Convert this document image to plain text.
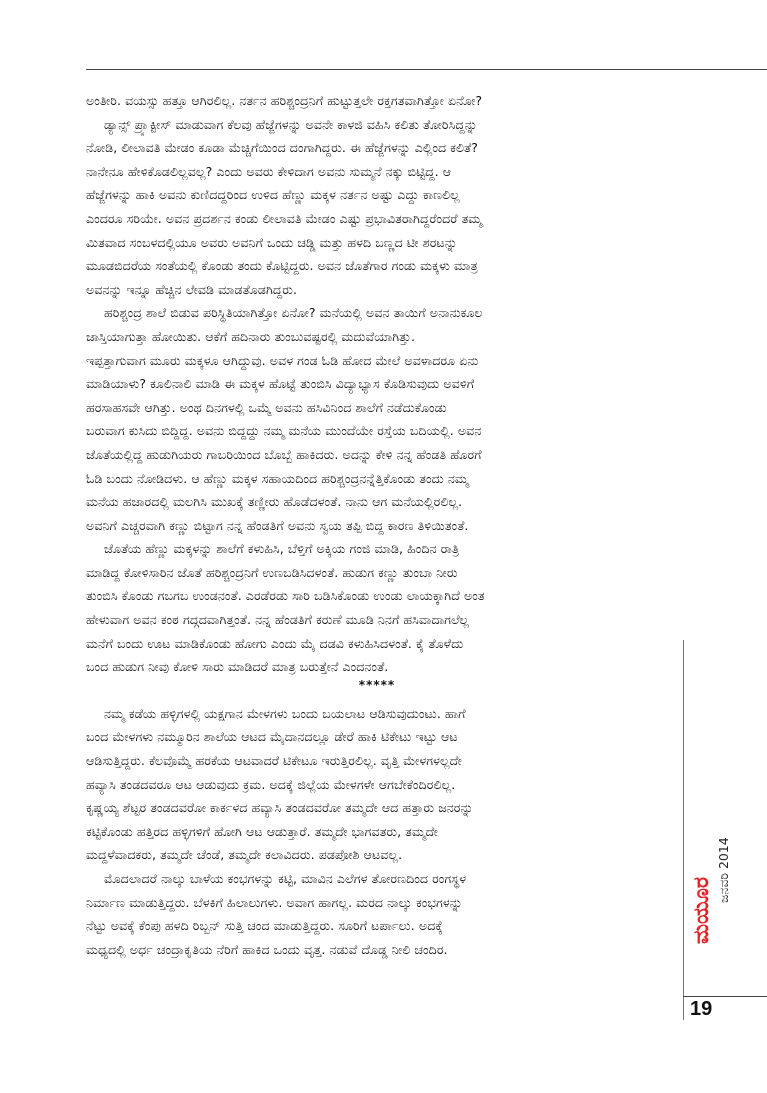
ಅಂತೀರಿ. ವಯಸ್ಸು ಹತ್ತೂ ಆಗಿರಲಿಲ್ಲ. ನರ್ತನ ಹರಿಶ್ಚಂದ್ರನಿಗೆ ಹುಟ್ಟುತ್ತಲೇ ರಕ್ತಗತವಾಗಿತ್ತೋ ಏನೋ?
ಡ್ಯಾನ್ಸ್ ಪ್ರ್ಯಾಕ್ಟೀಸ್ ಮಾಡುವಾಗ ಕೆಲವು ಹೆಜ್ಜೆಗಳನ್ನು ಅವನೇ ಕಾಳಜಿ ವಹಿಸಿ ಕಲಿತು ತೋರಿಸಿದ್ದನ್ನು
ನೋಡಿ, ಲೀಲಾವತಿ ಮೇಡಂ ಕೂಡಾ ಮೆಚ್ಚಿಗೆಯಿಂದ ದಂಗಾಗಿದ್ದರು. ಈ ಹೆಜ್ಜೆಗಳನ್ನು ಎಲ್ಲಿಂದ ಕಲಿತೆ?
ನಾನೇನೂ ಹೇಳಿಕೊಡಲಿಲ್ಲವಲ್ಲ? ಎಂದು ಅವರು ಕೇಳಿದಾಗ ಅವನು ಸುಮ್ಮನೆ ನಕ್ಕು ಬಿಟ್ಟಿದ್ದ. ಆ
ಹೆಜ್ಜೆಗಳನ್ನು ಹಾಕಿ ಅವನು ಕುಣಿದದ್ದರಿಂದ ಉಳಿದ ಹೆಣ್ಣು ಮಕ್ಕಳ ನರ್ತನ ಅಷ್ಟು ಎದ್ದು ಕಾಣಲಿಲ್ಲ
ಎಂದರೂ ಸರಿಯೇ. ಅವನ ಪ್ರದರ್ಶನ ಕಂಡು ಲೀಲಾವತಿ ಮೇಡಂ ಎಷ್ಟು ಪ್ರಭಾವಿತರಾಗಿದ್ದರೆಂದರೆ ತಮ್ಮ
ಮಿತವಾದ ಸಂಬಳದಲ್ಲಿಯೂ ಅವರು ಅವನಿಗೆ ಒಂದು ಚಡ್ಡಿ ಮತ್ತು ಹಳದಿ ಬಣ್ಣದ ಟೀ ಶರಟನ್ನು
ಮೂಡಬಿದರೆಯ ಸಂತೆಯಲ್ಲಿ ಕೊಂಡು ತಂದು ಕೊಟ್ಟಿದ್ದರು. ಅವನ ಜೊತೆಗಾರ ಗಂಡು ಮಕ್ಕಳು ಮಾತ್ರ
ಅವನನ್ನು ಇನ್ನೂ ಹೆಚ್ಚಿನ ಲೇವಡಿ ಮಾಡತೊಡಗಿದ್ದರು.
ಹರಿಶ್ಚಂದ್ರ ಶಾಲೆ ಬಿಡುವ ಪರಿಸ್ಥಿತಿಯಾಗಿತ್ತೋ ಏನೋ? ಮನೆಯಲ್ಲಿ ಅವನ ತಾಯಿಗೆ ಅನಾನುಕೂಲ
ಜಾಸ್ತಿಯಾಗುತ್ತಾ ಹೋಯಿತು. ಆಕೆಗೆ ಹದಿನಾರು ತುಂಬುವಷ್ಟರಲ್ಲಿ ಮದುವೆಯಾಗಿತ್ತು.
ಇಪ್ಪತ್ತಾಗುವಾಗ ಮೂರು ಮಕ್ಕಳೂ ಆಗಿದ್ದುವು. ಅವಳ ಗಂಡ ಓಡಿ ಹೋದ ಮೇಲೆ ಅವಳಾದರೂ ಏನು
ಮಾಡಿಯಾಳು? ಕೂಲಿನಾಲಿ ಮಾಡಿ ಈ ಮಕ್ಕಳ ಹೊಟ್ಟೆ ತುಂಬಿಸಿ ವಿದ್ಯಾಭ್ಯಾಸ ಕೊಡಿಸುವುದು ಅವಳಿಗೆ
ಹರಸಾಹಸವೇ ಆಗಿತ್ತು. ಅಂಥ ದಿನಗಳಲ್ಲಿ ಒಮ್ಮೆ ಅವನು ಹಸಿವಿನಿಂದ ಶಾಲೆಗೆ ನಡೆದುಕೊಂಡು
ಬರುವಾಗ ಕುಸಿದು ಬಿದ್ದಿದ್ದ. ಅವನು ಬಿದ್ದದ್ದು ನಮ್ಮ ಮನೆಯ ಮುಂದೆಯೇ ರಸ್ತೆಯ ಬದಿಯಲ್ಲಿ. ಅವನ
ಜೊತೆಯಲ್ಲಿದ್ದ ಹುಡುಗಿಯರು ಗಾಬರಿಯಿಂದ ಬೊಬ್ಬೆ ಹಾಕಿದರು. ಅದನ್ನು ಕೇಳಿ ನನ್ನ ಹೆಂಡತಿ ಹೊರಗೆ
ಓಡಿ ಬಂದು ನೋಡಿದಳು. ಆ ಹೆಣ್ಣು ಮಕ್ಕಳ ಸಹಾಯದಿಂದ ಹರಿಶ್ಚಂದ್ರನನ್ನೆತ್ತಿಕೊಂಡು ತಂದು ನಮ್ಮ
ಮನೆಯ ಹಜಾರದಲ್ಲಿ ಮಲಗಿಸಿ ಮುಖಕ್ಕೆ ತಣ್ಣೀರು ಹೊಡೆದಳಂತೆ. ನಾನು ಆಗ ಮನೆಯಲ್ಲಿರಲಿಲ್ಲ.
ಅವನಿಗೆ ಎಚ್ಚರವಾಗಿ ಕಣ್ಣು ಬಿಟ್ಟಾಗ ನನ್ನ ಹೆಂಡತಿಗೆ ಅವನು ಸ್ವಯ ತಪ್ಪಿ ಬಿದ್ದ ಕಾರಣ ತಿಳಿಯಿತಂತೆ.
ಜೊತೆಯ ಹೆಣ್ಣು ಮಕ್ಕಳನ್ನು ಶಾಲೆಗೆ ಕಳುಹಿಸಿ, ಬೆಳ್ತಿಗೆ ಅಕ್ಕಿಯ ಗಂಜಿ ಮಾಡಿ, ಹಿಂದಿನ ರಾತ್ರಿ
ಮಾಡಿದ್ದ ಕೋಳಿಸಾರಿನ ಜೊತೆ ಹರಿಶ್ಚಂದ್ರನಿಗೆ ಉಣಬಡಿಸಿದಳಂತೆ. ಹುಡುಗ ಕಣ್ಣು ತುಂಬಾ ನೀರು
ತುಂಬಿಸಿ ಕೊಂಡು ಗಬಗಬ ಉಂಡನಂತೆ. ಎರಡೆರಡು ಸಾರಿ ಬಡಿಸಿಕೊಂಡು ಉಂಡು ಲಾಯಕ್ಕಾಗಿದೆ ಅಂತ
ಹೇಳುವಾಗ ಅವನ ಕಂಠ ಗದ್ಗದವಾಗಿತ್ತಂತೆ. ನನ್ನ ಹೆಂಡತಿಗೆ ಕರುಣೆ ಮೂಡಿ ನಿನಗೆ ಹಸಿವಾದಾಗಲೆಲ್ಲ
ಮನೆಗೆ ಬಂದು ಊಟ ಮಾಡಿಕೊಂಡು ಹೋಗು ಎಂದು ಮೈ ದಡವಿ ಕಳುಹಿಸಿದಳಂತೆ. ಕೈ ತೊಳೆದು
ಬಂದ ಹುಡುಗ ನೀವು ಕೋಳಿ ಸಾರು ಮಾಡಿದರೆ ಮಾತ್ರ ಬರುತ್ತೇನೆ ಎಂದನಂತೆ.
*****
ನಮ್ಮ ಕಡೆಯ ಹಳ್ಳಿಗಳಲ್ಲಿ ಯಕ್ಷಗಾನ ಮೇಳಗಳು ಬಂದು ಬಯಲಾಟ ಆಡಿಸುವುದುಂಟು. ಹಾಗೆ
ಬಂದ ಮೇಳಗಳು ನಮ್ಮೂರಿನ ಶಾಲೆಯ ಆಟದ ಮೈದಾನದಲ್ಲೂ ಡೇರೆ ಹಾಕಿ ಟಿಕೇಟು ಇಟ್ಟು ಆಟ
ಆಡಿಸುತ್ತಿದ್ದರು. ಕೆಲವೊಮ್ಮೆ ಹರಕೆಯ ಆಟವಾದರೆ ಟಿಕೇಟೂ ಇರುತ್ತಿರಲಿಲ್ಲ. ವೃತ್ತಿ ಮೇಳಗಳಲ್ಲದೇ
ಹವ್ಯಾಸಿ ತಂಡದವರೂ ಆಟ ಆಡುವುದು ಕ್ರಮ. ಅದಕ್ಕೆ ಜಿಲ್ಲೆಯ ಮೇಳಗಳೇ ಆಗಬೇಕೆಂದಿರಲಿಲ್ಲ.
ಕೃಷ್ಣಯ್ಯ ಶೆಟ್ಟರ ತಂಡದವರೋ ಕಾರ್ಕಳದ ಹವ್ಯಾಸಿ ತಂಡದವರೋ ತಮ್ಮದೇ ಆದ ಹತ್ತಾರು ಜನರನ್ನು
ಕಟ್ಟಿಕೊಂಡು ಹತ್ತಿರದ ಹಳ್ಳಿಗಳಿಗೆ ಹೋಗಿ ಆಟ ಆಡುತ್ತಾರೆ. ತಮ್ಮದೇ ಭಾಗವತರು, ತಮ್ಮದೇ
ಮದ್ದಳೆವಾದಕರು, ತಮ್ಮದೇ ಚೆಂಡೆ, ತಮ್ಮದೇ ಕಲಾವಿದರು. ಪಡಪೋಶಿ ಆಟವಲ್ಲ.
ಮೊದಲಾದರೆ ನಾಲ್ಕು ಬಾಳೆಯ ಕಂಭಗಳನ್ನು ಕಟ್ಟಿ, ಮಾವಿನ ಎಲೆಗಳ ತೋರಣದಿಂದ ರಂಗಸ್ಥಳ
ನಿರ್ಮಾಣ ಮಾಡುತ್ತಿದ್ದರು. ಬೆಳಕಿಗೆ ಹಿಲಾಲುಗಳು. ಅವಾಗ ಹಾಗಲ್ಲ. ಮರದ ನಾಲ್ಕು ಕಂಭಗಳನ್ನು
ನೆಟ್ಟು ಅವಕ್ಕೆ ಕೆಂಪು ಹಳದಿ ರಿಬ್ಬನ್ ಸುತ್ತಿ ಚಂದ ಮಾಡುತ್ತಿದ್ದರು. ಸೂರಿಗೆ ಟರ್ಪಾಲು. ಅದಕ್ಕೆ
ಮಧ್ಯದಲ್ಲಿ ಅರ್ಧ ಚಂದ್ರಾಕೃತಿಯ ನೆರಿಗೆ ಹಾಕಿದ ಒಂದು ವೃತ್ತ. ನಡುವೆ ದೊಡ್ಡ ನೀಲಿ ಚಂದಿರ.
ಜನವರಿ 2014
ಮಯೂರ
19
